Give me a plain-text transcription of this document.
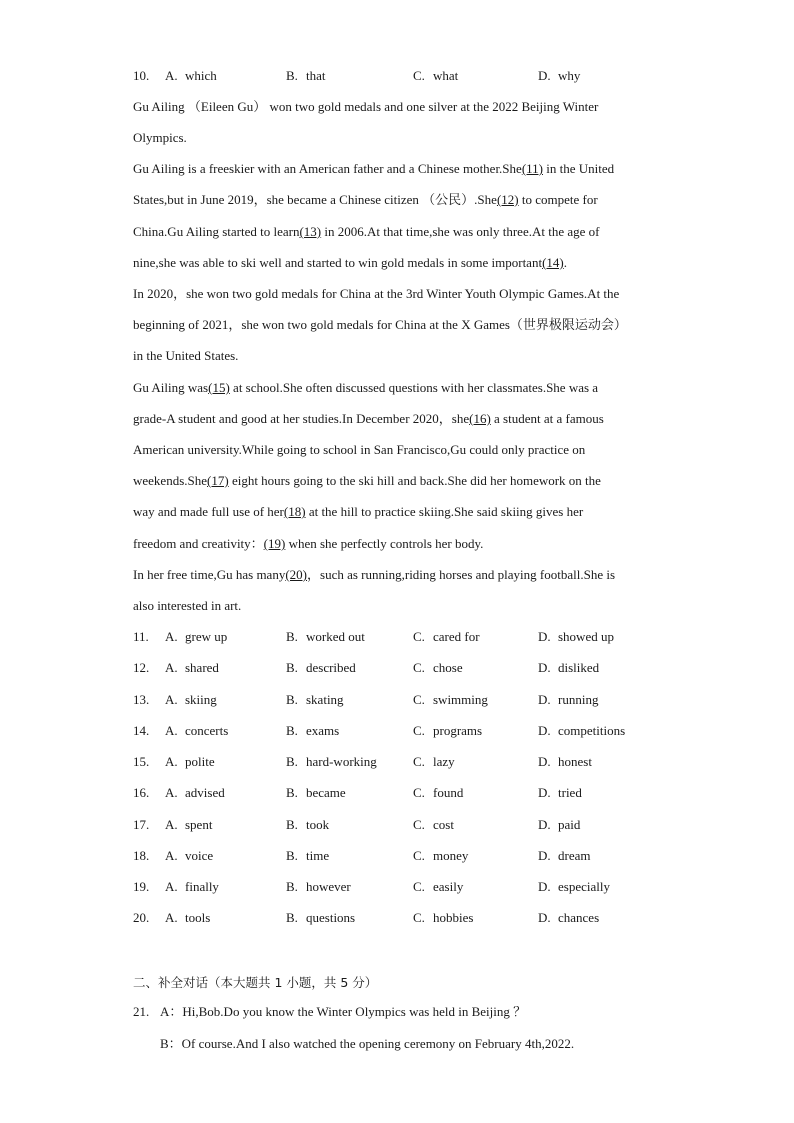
10. A. which	B. that	C. what	D. why
Gu Ailing （Eileen Gu） won two gold medals and one silver at the 2022 Beijing Winter
Olympics.
Gu Ailing is a freeskier with an American father and a Chinese mother.She(11) in the United
States,but in June 2019，she became a Chinese citizen （公民）.She(12) to compete for
China.Gu Ailing started to learn(13) in 2006.At that time,she was only three.At the age of
nine,she was able to ski well and started to win gold medals in some important(14).
In 2020，she won two gold medals for China at the 3rd Winter Youth Olympic Games.At the
beginning of 2021，she won two gold medals for China at the X Games（世界极限运动会）
in the United States.
Gu Ailing was(15) at school.She often discussed questions with her classmates.She was a
grade-A student and good at her studies.In December 2020，she(16) a student at a famous
American university.While going to school in San Francisco,Gu could only practice on
weekends.She(17) eight hours going to the ski hill and back.She did her homework on the
way and made full use of her(18) at the hill to practice skiing.She said skiing gives her
freedom and creativity：(19) when she perfectly controls her body.
In her free time,Gu has many(20)，such as running,riding horses and playing football.She is
also interested in art.
11. A. grew up	B. worked out	C. cared for	D. showed up
12. A. shared	B. described	C. chose	D. disliked
13. A. skiing	B. skating	C. swimming	D. running
14. A. concerts	B. exams	C. programs	D. competitions
15. A. polite	B. hard-working	C. lazy	D. honest
16. A. advised	B. became	C. found	D. tried
17. A. spent	B. took	C. cost	D. paid
18. A. voice	B. time	C. money	D. dream
19. A. finally	B. however	C. easily	D. especially
20. A. tools	B. questions	C. hobbies	D. chances
二、补全对话（本大题共 1 小题，共 5 分）
21. A：Hi,Bob.Do you know the Winter Olympics was held in Beijing ？
B：Of course.And I also watched the opening ceremony on February 4th,2022.
